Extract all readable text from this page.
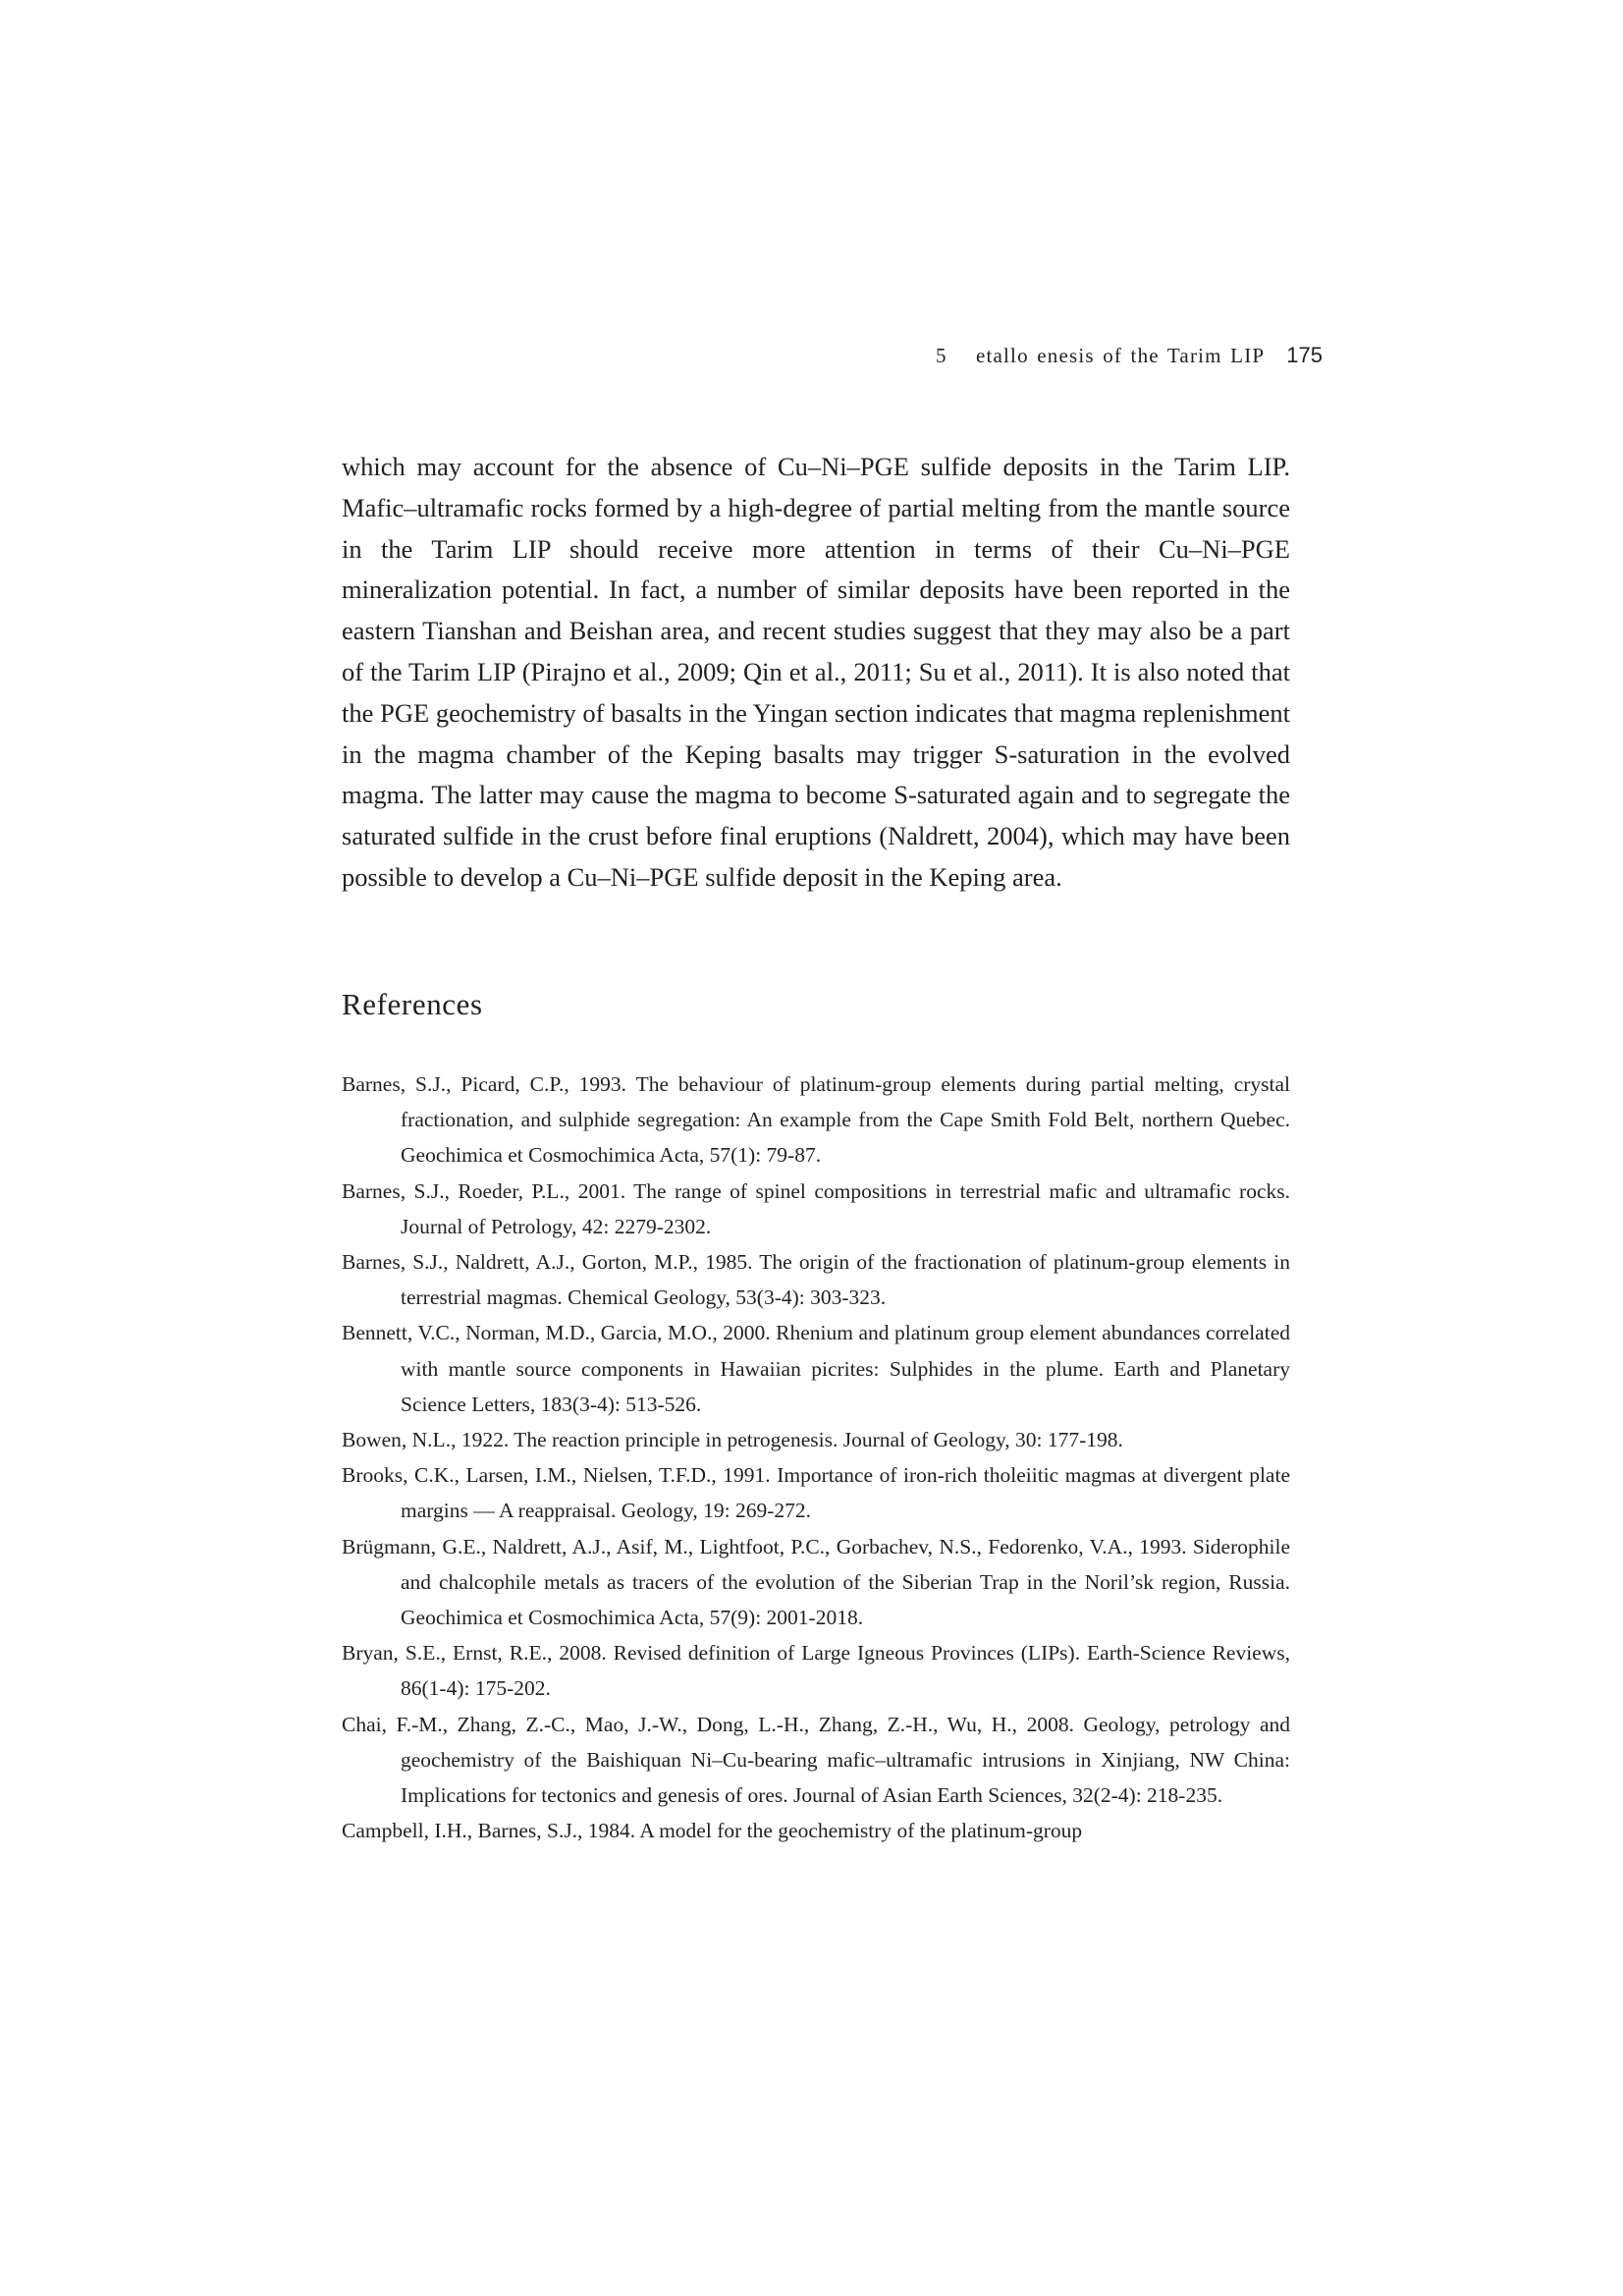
5 etallo enesis of the Tarim LIP 175

which may account for the absence of Cu–Ni–PGE sulfide deposits in the Tarim LIP. Mafic–ultramafic rocks formed by a high-degree of partial melting from the mantle source in the Tarim LIP should receive more attention in terms of their Cu–Ni–PGE mineralization potential. In fact, a number of similar deposits have been reported in the eastern Tianshan and Beishan area, and recent studies suggest that they may also be a part of the Tarim LIP (Pirajno et al., 2009; Qin et al., 2011; Su et al., 2011). It is also noted that the PGE geochemistry of basalts in the Yingan section indicates that magma replenishment in the magma chamber of the Keping basalts may trigger S-saturation in the evolved magma. The latter may cause the magma to become S-saturated again and to segregate the saturated sulfide in the crust before final eruptions (Naldrett, 2004), which may have been possible to develop a Cu–Ni–PGE sulfide deposit in the Keping area.

References
Barnes, S.J., Picard, C.P., 1993. The behaviour of platinum-group elements during partial melting, crystal fractionation, and sulphide segregation: An example from the Cape Smith Fold Belt, northern Quebec. Geochimica et Cosmochimica Acta, 57(1): 79-87.
Barnes, S.J., Roeder, P.L., 2001. The range of spinel compositions in terrestrial mafic and ultramafic rocks. Journal of Petrology, 42: 2279-2302.
Barnes, S.J., Naldrett, A.J., Gorton, M.P., 1985. The origin of the fractionation of platinum-group elements in terrestrial magmas. Chemical Geology, 53(3-4): 303-323.
Bennett, V.C., Norman, M.D., Garcia, M.O., 2000. Rhenium and platinum group element abundances correlated with mantle source components in Hawaiian picrites: Sulphides in the plume. Earth and Planetary Science Letters, 183(3-4): 513-526.
Bowen, N.L., 1922. The reaction principle in petrogenesis. Journal of Geology, 30: 177-198.
Brooks, C.K., Larsen, I.M., Nielsen, T.F.D., 1991. Importance of iron-rich tholeiitic magmas at divergent plate margins — A reappraisal. Geology, 19: 269-272.
Brügmann, G.E., Naldrett, A.J., Asif, M., Lightfoot, P.C., Gorbachev, N.S., Fedorenko, V.A., 1993. Siderophile and chalcophile metals as tracers of the evolution of the Siberian Trap in the Noril’sk region, Russia. Geochimica et Cosmochimica Acta, 57(9): 2001-2018.
Bryan, S.E., Ernst, R.E., 2008. Revised definition of Large Igneous Provinces (LIPs). Earth-Science Reviews, 86(1-4): 175-202.
Chai, F.-M., Zhang, Z.-C., Mao, J.-W., Dong, L.-H., Zhang, Z.-H., Wu, H., 2008. Geology, petrology and geochemistry of the Baishiquan Ni–Cu-bearing mafic–ultramafic intrusions in Xinjiang, NW China: Implications for tectonics and genesis of ores. Journal of Asian Earth Sciences, 32(2-4): 218-235.
Campbell, I.H., Barnes, S.J., 1984. A model for the geochemistry of the platinum-group
